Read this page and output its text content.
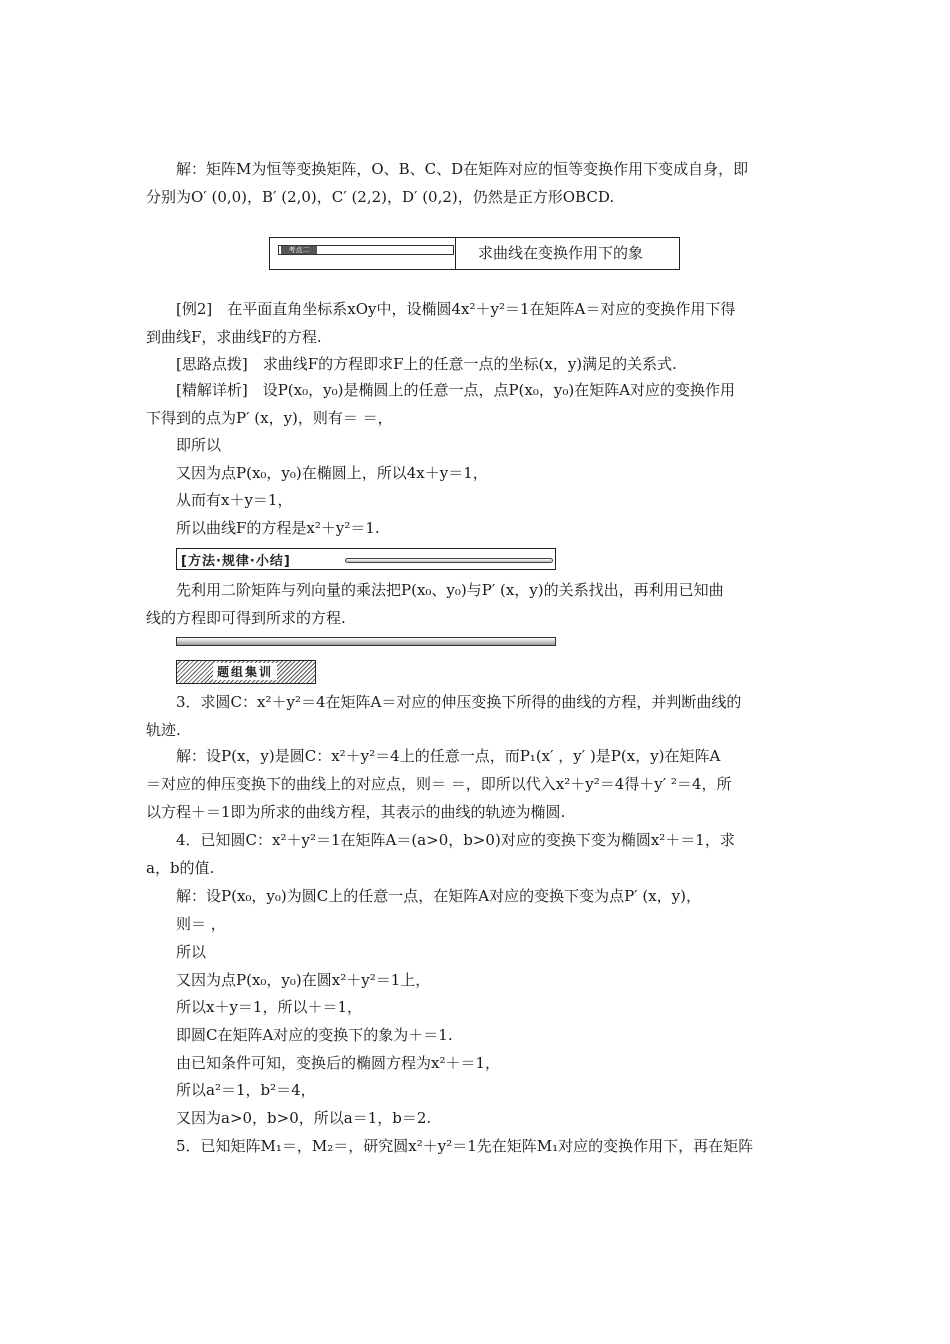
解：矩阵M为恒等变换矩阵，O、B、C、D在矩阵对应的恒等变换作用下变成自身，即
分别为O′ (0,0)，B′ (2,0)，C′ (2,2)，D′ (0,2)，仍然是正方形OBCD.
考点二	求曲线在变换作用下的象
[例2]　在平面直角坐标系xOy中，设椭圆4x²＋y²＝1在矩阵A＝对应的变换作用下得
到曲线F，求曲线F的方程.
[思路点拨]　求曲线F的方程即求F上的任意一点的坐标(x，y)满足的关系式.
[精解详析]　设P(x₀，y₀)是椭圆上的任意一点，点P(x₀，y₀)在矩阵A对应的变换作用
下得到的点为P′ (x，y)，则有＝ ＝，
即所以
又因为点P(x₀，y₀)在椭圆上，所以4x＋y＝1，
从而有x＋y＝1，
所以曲线F的方程是x²＋y²＝1.
[方法·规律·小结]
先利用二阶矩阵与列向量的乘法把P(x₀、y₀)与P′ (x，y)的关系找出，再利用已知曲
线的方程即可得到所求的方程.
题组集训
3．求圆C：x²＋y²＝4在矩阵A＝对应的伸压变换下所得的曲线的方程，并判断曲线的
轨迹.
解：设P(x，y)是圆C：x²＋y²＝4上的任意一点，而P₁(x′ ，y′ )是P(x，y)在矩阵A
＝对应的伸压变换下的曲线上的对应点，则＝ ＝，即所以代入x²＋y²＝4得＋y′ ²＝4，所
以方程＋＝1即为所求的曲线方程，其表示的曲线的轨迹为椭圆.
4．已知圆C：x²＋y²＝1在矩阵A＝(a>0，b>0)对应的变换下变为椭圆x²＋＝1，求
a，b的值.
解：设P(x₀，y₀)为圆C上的任意一点，在矩阵A对应的变换下变为点P′ (x，y)，
则＝ ，
所以
又因为点P(x₀，y₀)在圆x²＋y²＝1上，
所以x＋y＝1，所以＋＝1，
即圆C在矩阵A对应的变换下的象为＋＝1.
由已知条件可知，变换后的椭圆方程为x²＋＝1，
所以a²＝1，b²＝4，
又因为a>0，b>0，所以a＝1，b＝2.
5．已知矩阵M₁＝，M₂＝，研究圆x²＋y²＝1先在矩阵M₁对应的变换作用下，再在矩阵
